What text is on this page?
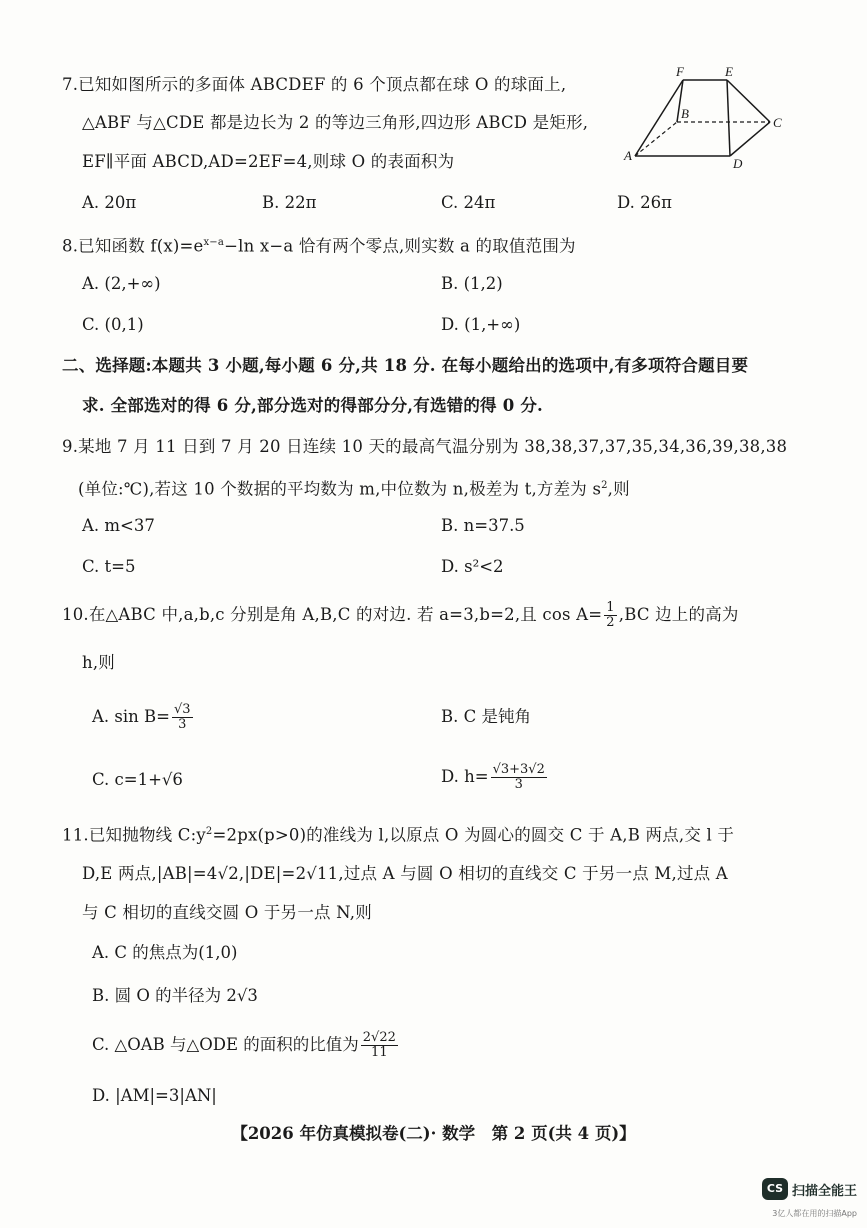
7.已知如图所示的多面体 ABCDEF 的 6 个顶点都在球 O 的球面上,
△ABF 与△CDE 都是边长为 2 的等边三角形,四边形 ABCD 是矩形,
EF∥平面 ABCD,AD=2EF=4,则球 O 的表面积为
F	E
B
C
A
D
A. 20π	B. 22π	C. 24π	D. 26π
8.已知函数 $f(x)=e^{x-a}-\ln$ x−a 恰有两个零点,则实数 a 的取值范围为
A. (2,+∞)	B. (1,2)
C. (0,1)	D. (1,+∞)
二、选择题:本题共 3 小题,每小题 6 分,共 18 分. 在每小题给出的选项中,有多项符合题目要
求. 全部选对的得 6 分,部分选对的得部分分,有选错的得 0 分.
9.某地 7 月 11 日到 7 月 20 日连续 10 天的最高气温分别为 38,38,37,37,35,34,36,39,38,38
(单位:℃),若这 10 个数据的平均数为 m,中位数为 n,极差为 t,方差为 $s^2$,则
A. m<37	B. n=37.5
C. t=5	D. s²<2
10.在△ABC 中,a,b,c 分别是角 A,B,C 的对边. 若 a=3,b=2,且 $\cos A= \frac{1}{2} ,BC$ 边上的高为
h,则
A. $\sin B= \frac{√3}{3}$	B. C 是钝角
C. c=1+√6	D. $h= \frac{√3+3√2}{3}$
11.已知抛物线 $C:y^2=2px(p>0)$的准线为 l,以原点 O 为圆心的圆交 C 于 A,B 两点,交 l 于
D,E 两点,|AB|=4√2,|DE|=2√11,过点 A 与圆 O 相切的直线交 C 于另一点 M,过点 A
与 C 相切的直线交圆 O 于另一点 N,则
A. C 的焦点为(1,0)
B. 圆 O 的半径为 2√3
C. △OAB 与△ODE 的面积的比值为 $\frac{2√22}{11}$
D. |AM|=3|AN|
【2026 年仿真模拟卷(二)· 数学　第 2 页(共 4 页)】
CS 扫描全能王
3亿人都在用的扫描App
